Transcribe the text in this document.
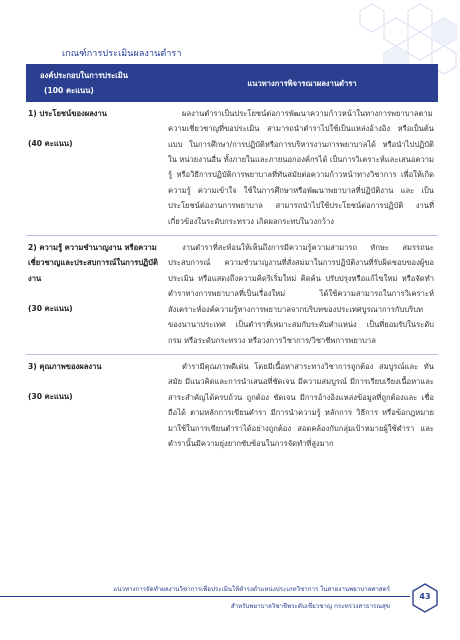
เกณฑ์การประเมินผลงานตำรา
องค์ประกอบในการประเมิน
(100 คะแนน)	แนวทางการพิจารณาผลงานตำรา

1) ประโยชน์ของผลงาน
(40 คะแนน)	ผลงานตำราเป็นประโยชน์ต่อการพัฒนาความก้าวหน้าในทางการพยาบาลตาม ความเชี่ยวชาญที่ขอประเมิน สามารถนำตำราไปใช้เป็นแหล่งอ้างอิง หรือเป็นต้นแบบ ในการศึกษา/การปฏิบัติหรือการบริหารงานการพยาบาลได้ หรือนำไปปฏิบัติใน หน่วยงานอื่น ทั้งภายในและภายนอกองค์กรได้ เป็นการวิเคราะห์และเสนอความรู้ หรือวิธีการปฏิบัติการพยาบาลที่ทันสมัยต่อความก้าวหน้าทางวิชาการ เพื่อให้เกิด ความรู้ ความเข้าใจ ใช้ในการศึกษาหรือพัฒนาพยาบาลที่ปฏิบัติงาน และ เป็นประโยชน์ต่องานการพยาบาล สามารถนำไปใช้ประโยชน์ต่อการปฏิบัติ งานที่เกี่ยวข้องในระดับกระทรวง เกิดผลกระทบในวงกว้าง

2) ความรู้ ความชำนาญงาน หรือความเชี่ยวชาญและประสบการณ์ในการปฏิบัติงาน
(30 คะแนน)	งานตำราที่สะท้อนให้เห็นถึงการมีความรู้ความสามารถ ทักษะ สมรรถนะ ประสบการณ์ ความชำนาญงานที่สั่งสมมาในการปฏิบัติงานที่รับผิดชอบของผู้ขอ ประเมิน หรือแสดงถึงความคิดริเริ่มใหม่ คิดค้น ปรับปรุงหรือแก้ไขใหม่ หรือจัดทำ ตำราทางการพยาบาลที่เป็นเรื่องใหม่ ได้ใช้ความสามารถในการวิเคราะห์ สังเคราะห์องค์ความรู้ทางการพยาบาลจากบริบทของประเทศบูรณาการกับบริบท ของนานาประเทศ เป็นตำราที่เหมาะสมกับระดับตำแหน่ง เป็นที่ยอมรับในระดับ กรม หรือระดับกระทรวง หรือวงการวิชาการ/วิชาชีพการพยาบาล

3) คุณภาพของผลงาน
(30 คะแนน)	ตำรามีคุณภาพดีเด่น โดยมีเนื้อหาสาระทางวิชาการถูกต้อง สมบูรณ์และ ทันสมัย มีแนวคิดและการนำเสนอที่ชัดเจน มีความสมบูรณ์ มีการเรียบเรียงเนื้อหาและ สาระสำคัญได้ครบถ้วน ถูกต้อง ชัดเจน มีการอ้างอิงแหล่งข้อมูลที่ถูกต้องและ เชื่อถือได้ ตามหลักการเขียนตำรา มีการนำความรู้ หลักการ วิธีการ หรือข้อกฎหมาย มาใช้ในการเขียนตำราได้อย่างถูกต้อง สอดคล้องกับกลุ่มเป้าหมายผู้ใช้ตำรา และ ตำรานั้นมีความยุ่งยากซับซ้อนในการจัดทำที่สูงมาก
แนวทางการจัดทำผลงานวิชาการเพื่อประเมินให้ดำรงตำแหน่งประเภทวิชาการ ในสายงานพยาบาลศาสตร์
สำหรับพยาบาลวิชาชีพระดับเชี่ยวชาญ กระทรวงสาธารณสุข
43
